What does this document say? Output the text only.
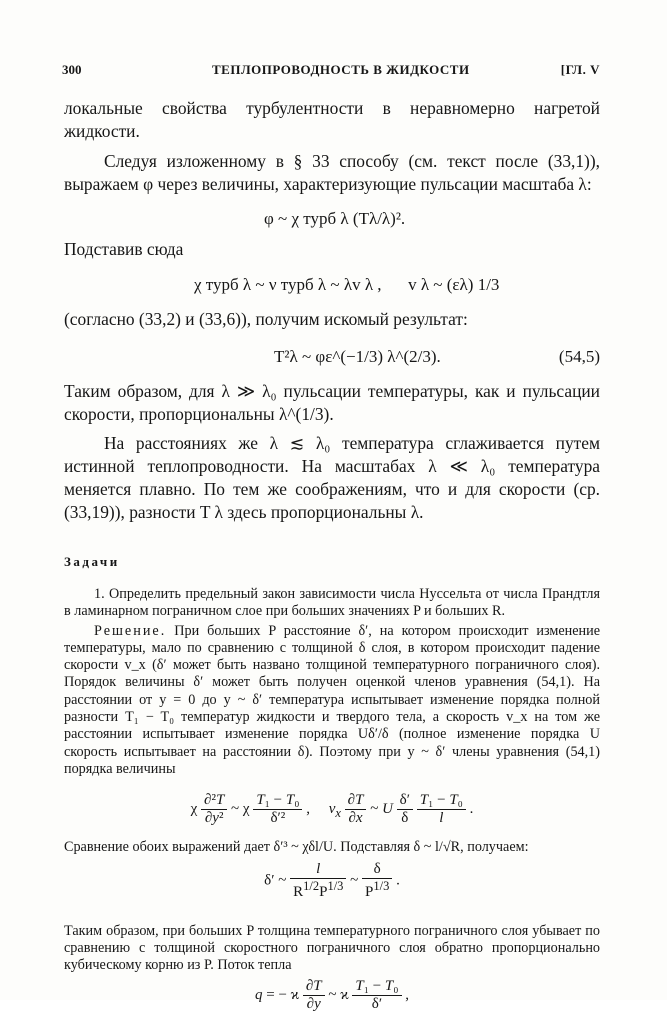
300	ТЕПЛОПРОВОДНОСТЬ В ЖИДКОСТИ	[ГЛ. V

локальные свойства турбулентности в неравномерно нагретой жидкости.

Следуя изложенному в § 33 способу (см. текст после (33,1)), выражаем φ через величины, характеризующие пульсации масштаба λ:

φ ~ χ турб λ (Tλ/λ)².

Подставив сюда

χ турб λ ~ ν турб λ ~ λv λ , v λ ~ (ελ) 1/3

(согласно (33,2) и (33,6)), получим искомый результат:

T²λ ~ φε^(−1/3) λ^(2/3).	(54,5)

Таким образом, для λ ≫ λ₀ пульсации температуры, как и пульсации скорости, пропорциональны λ^(1/3).

На расстояниях же λ ≲ λ₀ температура сглаживается путем истинной теплопроводности. На масштабах λ ≪ λ₀ температура меняется плавно. По тем же соображениям, что и для скорости (ср. (33,19)), разности T λ здесь пропорциональны λ.

Задачи

1. Определить предельный закон зависимости числа Нуссельта от числа Прандтля в ламинарном пограничном слое при больших значениях P и больших R.

Решение. При больших P расстояние δ′, на котором происходит изменение температуры, мало по сравнению с толщиной δ слоя, в котором происходит падение скорости v_x (δ′ может быть названо толщиной температурного пограничного слоя). Порядок величины δ′ может быть получен оценкой членов уравнения (54,1). На расстоянии от y = 0 до y ~ δ′ температура испытывает изменение порядка полной разности T₁ − T₀ температур жидкости и твердого тела, а скорость v_x на том же расстоянии испытывает изменение порядка Uδ′/δ (полное изменение порядка U скорость испытывает на расстоянии δ). Поэтому при y ~ δ′ члены уравнения (54,1) порядка величины

χ $\frac{\text{∂²T}}{\text{∂y²}}$ ~ χ $\frac{\text{T₁ − T₀}}{\text{δ′²}}$ ,     $v_x \frac{\partial T}{\partial x}$ ~ U $\frac{\delta'}{\delta}$
$\frac{\text{T₁ − T₀}}{l}$ .

Сравнение обоих выражений дает δ′³ ~ χδl/U. Подставляя δ ~ l/√R, получаем:

δ′ ~ $\frac{l}{R^{1/2}P^{1/3}}$ ~ $\frac{\delta}{P^{1/3}}$ .

Таким образом, при больших P толщина температурного пограничного слоя убывает по сравнению с толщиной скоростного пограничного слоя обратно пропорционально кубическому корню из P. Поток тепла

q = − ϰ $\frac{\partial T}{\partial y}$ ~ ϰ $\frac{\text{T₁ − T₀}}{\delta'}$ ,
